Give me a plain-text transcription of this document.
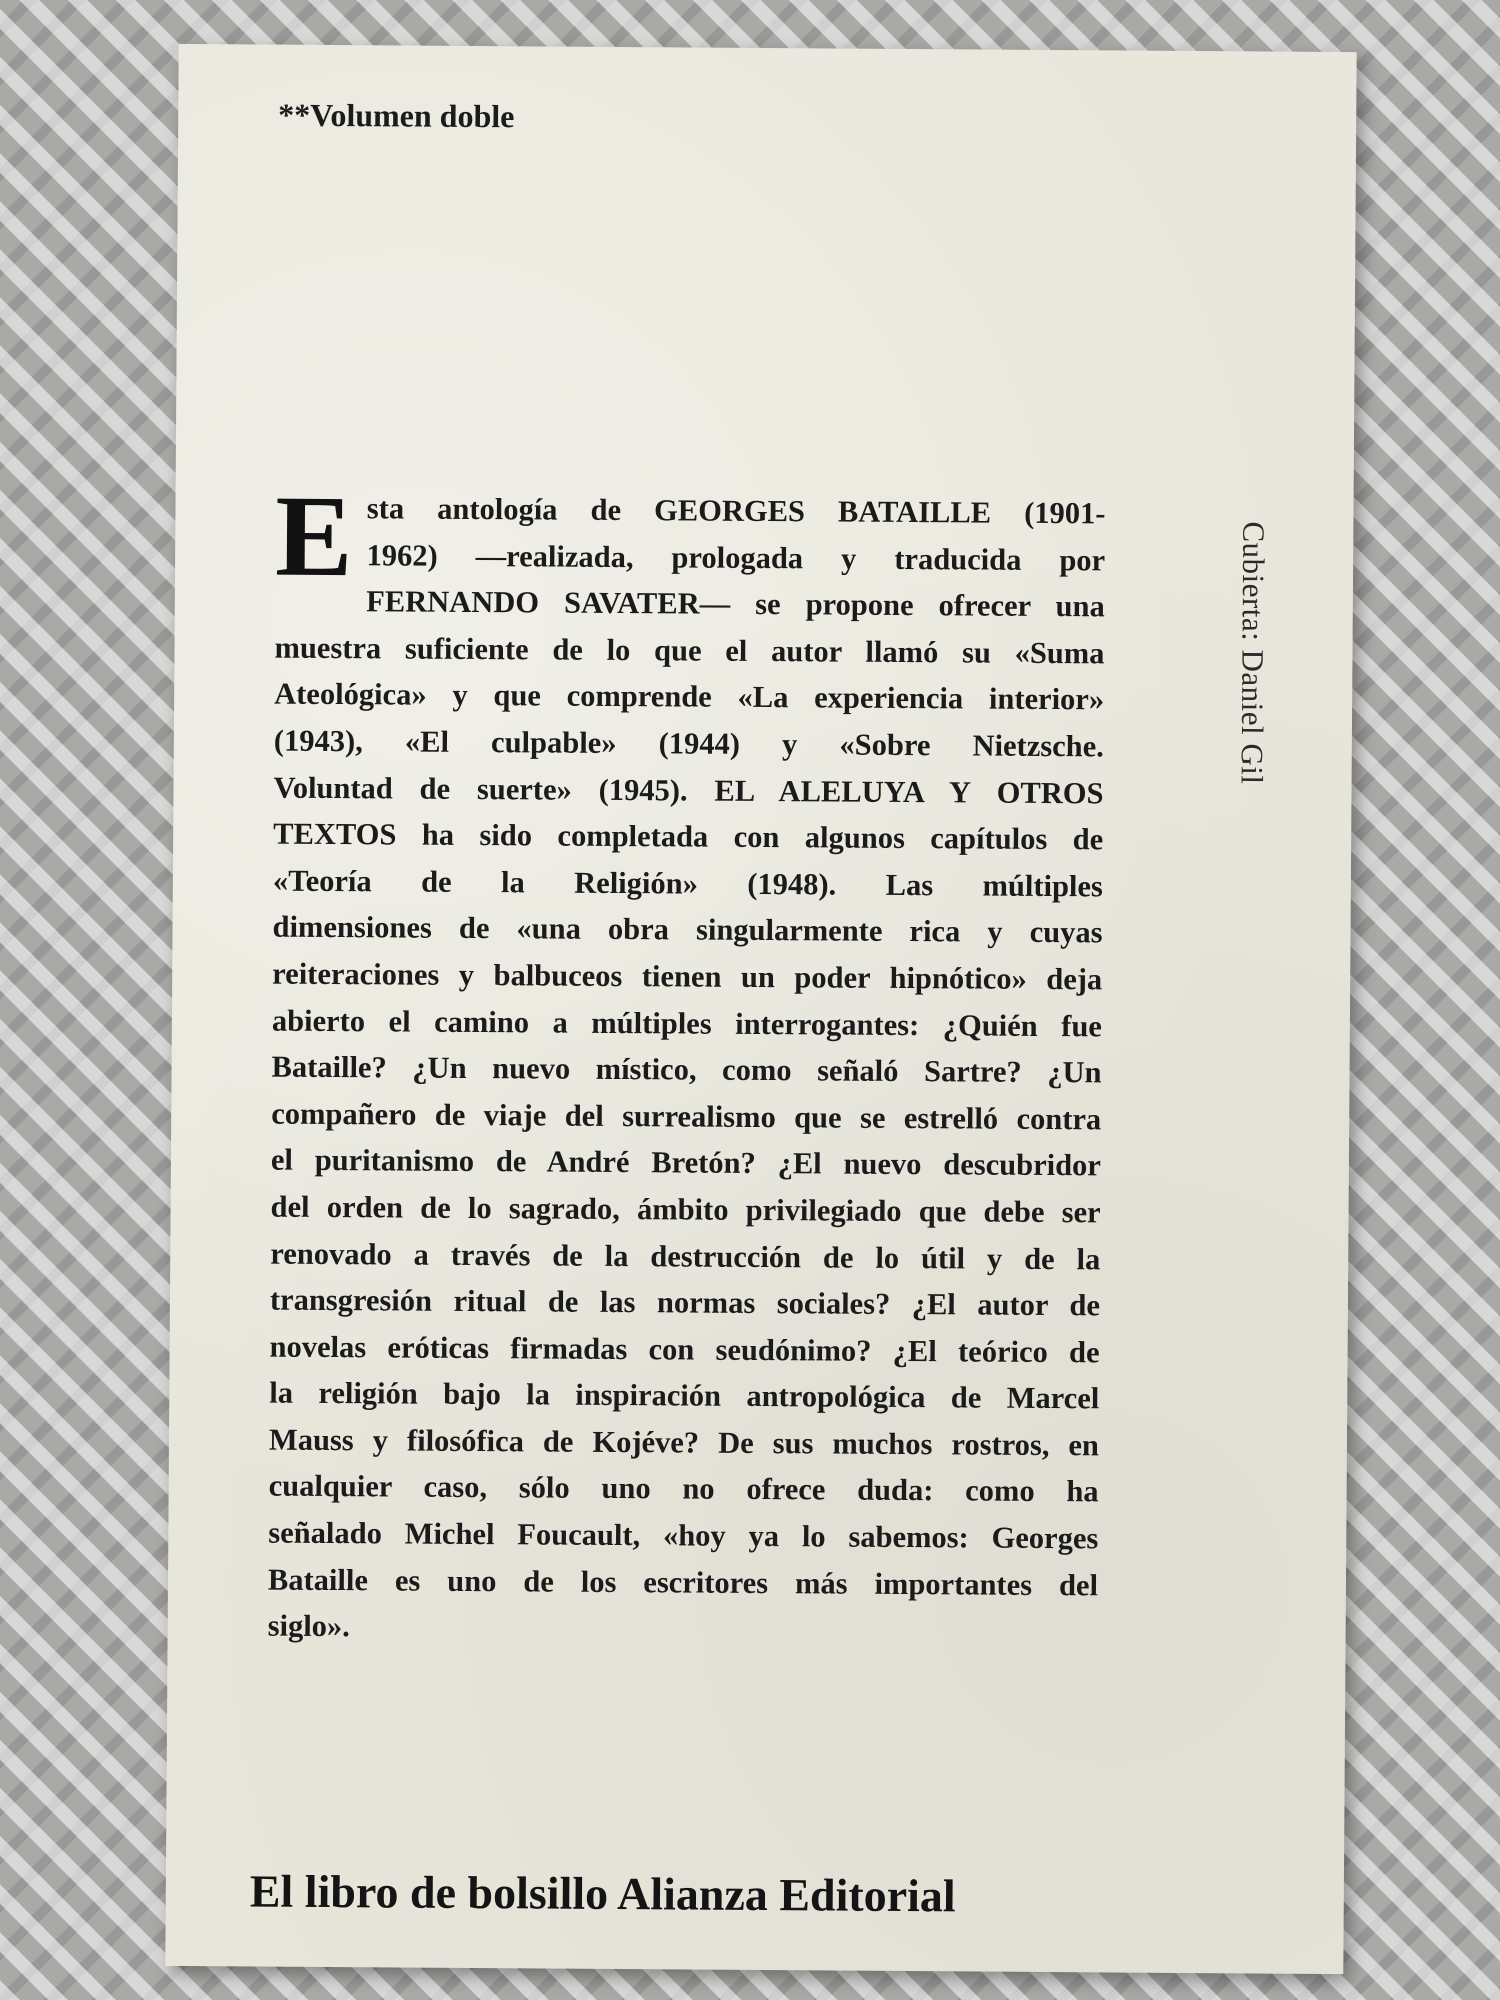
**Volumen doble
E sta antología de GEORGES BATAILLE (1901-
1962) —realizada, prologada y traducida por
FERNANDO SAVATER— se propone ofrecer una
muestra suficiente de lo que el autor llamó su «Suma
Ateológica» y que comprende «La experiencia interior»
(1943), «El culpable» (1944) y «Sobre Nietzsche.
Voluntad de suerte» (1945). EL ALELUYA Y OTROS
TEXTOS ha sido completada con algunos capítulos de
«Teoría de la Religión» (1948). Las múltiples
dimensiones de «una obra singularmente rica y cuyas
reiteraciones y balbuceos tienen un poder hipnótico» deja
abierto el camino a múltiples interrogantes: ¿Quién fue
Bataille? ¿Un nuevo místico, como señaló Sartre? ¿Un
compañero de viaje del surrealismo que se estrelló contra
el puritanismo de André Bretón? ¿El nuevo descubridor
del orden de lo sagrado, ámbito privilegiado que debe ser
renovado a través de la destrucción de lo útil y de la
transgresión ritual de las normas sociales? ¿El autor de
novelas eróticas firmadas con seudónimo? ¿El teórico de
la religión bajo la inspiración antropológica de Marcel
Mauss y filosófica de Kojéve? De sus muchos rostros, en
cualquier caso, sólo uno no ofrece duda: como ha
señalado Michel Foucault, «hoy ya lo sabemos: Georges
Bataille es uno de los escritores más importantes del
siglo».
Cubierta: Daniel Gil
El libro de bolsillo Alianza Editorial
